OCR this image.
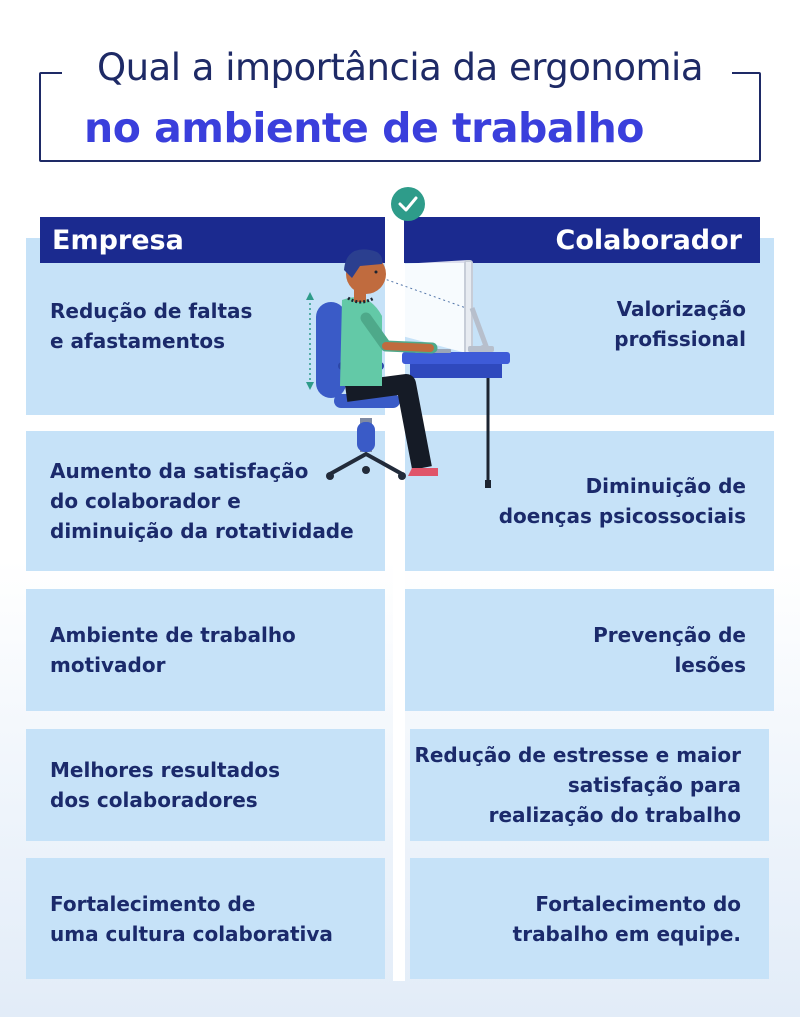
Qual a importância da ergonomia
no ambiente de trabalho
Redução de faltas
e afastamentos
Aumento da satisfação
do colaborador e
diminuição da rotatividade
Ambiente de trabalho
motivador
Melhores resultados
dos colaboradores
Fortalecimento de
uma cultura colaborativa
Valorização
profissional
Diminuição de
doenças psicossociais
Prevenção de
lesões
Redução de estresse e maior
satisfação para
realização do trabalho
Fortalecimento do
trabalho em equipe.
Empresa	Colaborador
